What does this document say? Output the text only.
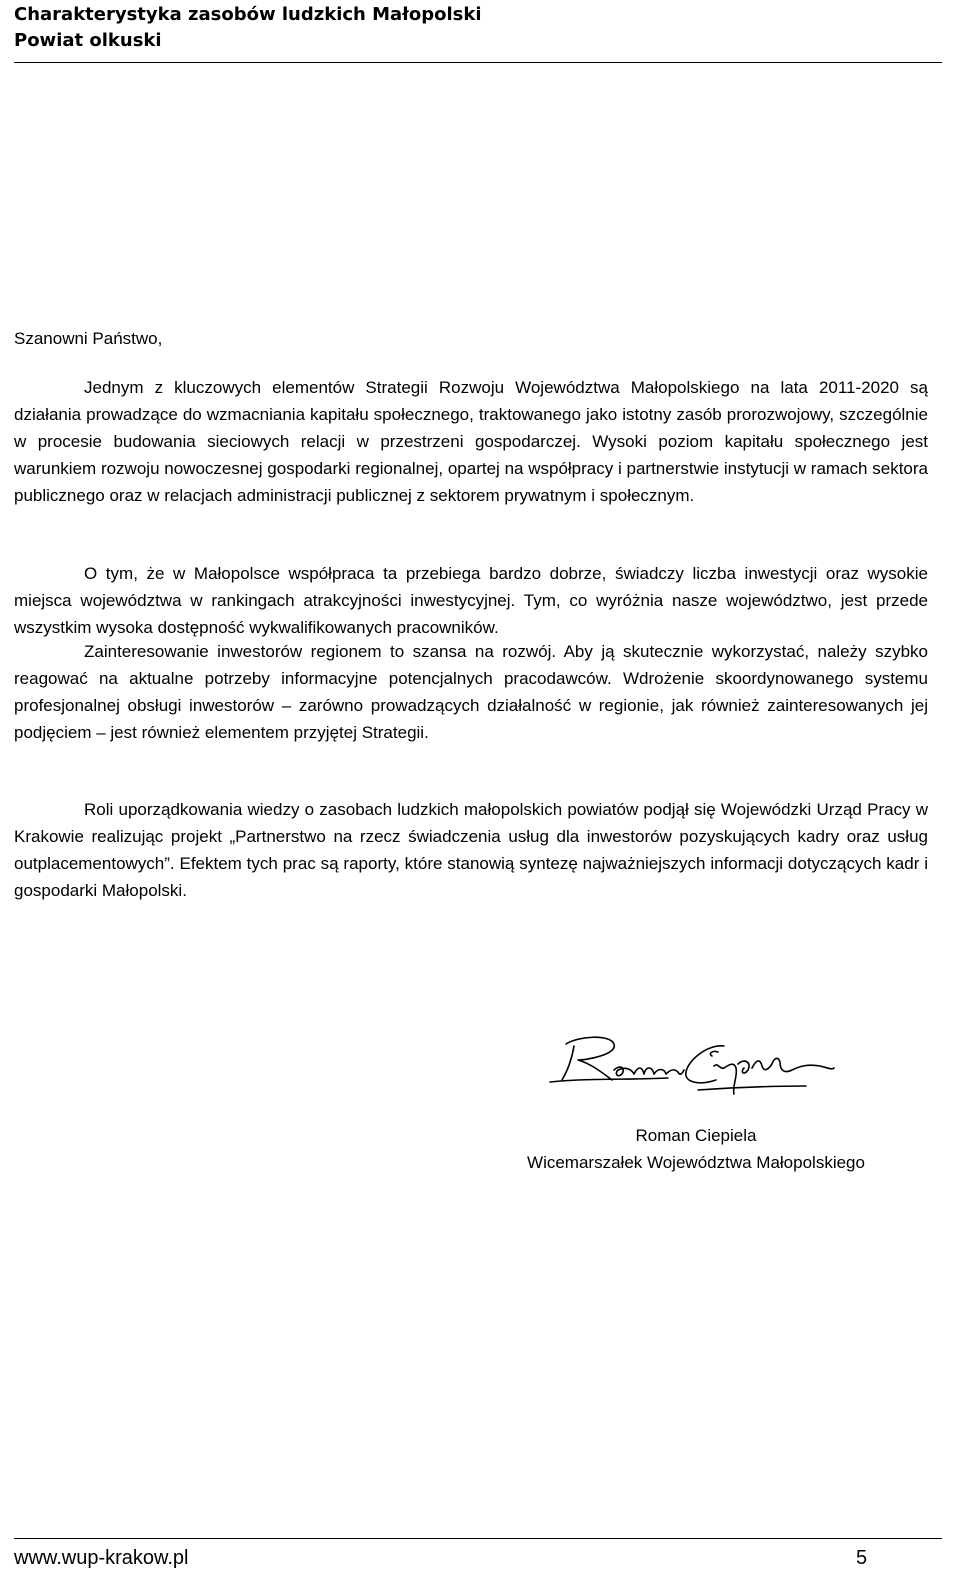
Charakterystyka zasobów ludzkich Małopolski
Powiat olkuski
Szanowni Państwo,

Jednym z kluczowych elementów Strategii Rozwoju Województwa Małopolskiego na lata 2011-2020 są działania prowadzące do wzmacniania kapitału społecznego, traktowanego jako istotny zasób prorozwojowy, szczególnie w procesie budowania sieciowych relacji w przestrzeni gospodarczej. Wysoki poziom kapitału społecznego jest warunkiem rozwoju nowoczesnej gospodarki regionalnej, opartej na współpracy i partnerstwie instytucji w ramach sektora publicznego oraz w relacjach administracji publicznej z sektorem prywatnym i społecznym.

O tym, że w Małopolsce współpraca ta przebiega bardzo dobrze, świadczy liczba inwestycji oraz wysokie miejsca województwa w rankingach atrakcyjności inwestycyjnej. Tym, co wyróżnia nasze województwo, jest przede wszystkim wysoka dostępność wykwalifikowanych pracowników.

Zainteresowanie inwestorów regionem to szansa na rozwój. Aby ją skutecznie wykorzystać, należy szybko reagować na aktualne potrzeby informacyjne potencjalnych pracodawców. Wdrożenie skoordynowanego systemu profesjonalnej obsługi inwestorów – zarówno prowadzących działalność w regionie, jak również zainteresowanych jej podjęciem – jest również elementem przyjętej Strategii.

Roli uporządkowania wiedzy o zasobach ludzkich małopolskich powiatów podjął się Wojewódzki Urząd Pracy w Krakowie realizując projekt „Partnerstwo na rzecz świadczenia usług dla inwestorów pozyskujących kadry oraz usług outplacementowych”. Efektem tych prac są raporty, które stanowią syntezę najważniejszych informacji dotyczących kadr i gospodarki Małopolski.

Roman Ciepiela
Wicemarszałek Województwa Małopolskiego
www.wup-krakow.pl	5
